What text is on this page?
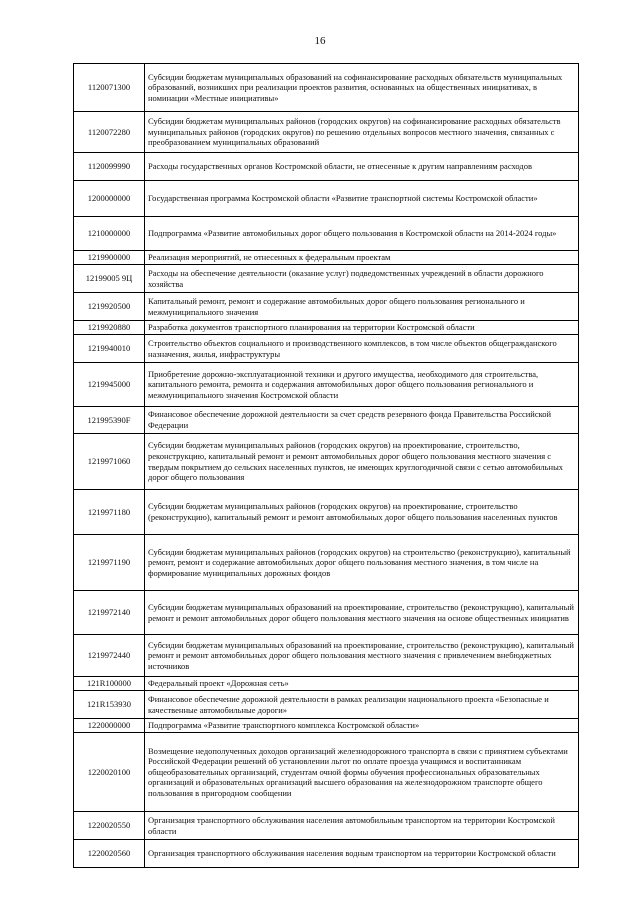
16
1120071300	Субсидии бюджетам муниципальных образований на софинансирование расходных обязательств муниципальных образований, возникших при реализации проектов развития, основанных на общественных инициативах, в номинации «Местные инициативы»
1120072280	Субсидии бюджетам муниципальных районов (городских округов) на софинансирование расходных обязательств муниципальных районов (городских округов) по решению отдельных вопросов местного значения, связанных с преобразованием муниципальных образований
1120099990	Расходы государственных органов Костромской области, не отнесенные к другим направлениям расходов
1200000000	Государственная программа Костромской области «Развитие транспортной системы Костромской области»
1210000000	Подпрограмма «Развитие автомобильных дорог общего пользования в Костромской области на 2014-2024 годы»
1219900000	Реализация мероприятий, не отнесенных к федеральным проектам
12199005 9Ц	Расходы на обеспечение деятельности (оказание услуг) подведомственных учреждений в области дорожного хозяйства
1219920500	Капитальный ремонт, ремонт и содержание автомобильных дорог общего пользования регионального и межмуниципального значения
1219920880	Разработка документов транспортного планирования на территории Костромской области
1219940010	Строительство объектов социального и производственного комплексов, в том числе объектов общегражданского назначения, жилья, инфраструктуры
1219945000	Приобретение дорожно-эксплуатационной техники и другого имущества, необходимого для строительства, капитального ремонта, ремонта и содержания автомобильных дорог общего пользования регионального и межмуниципального значения Костромской области
121995390F	Финансовое обеспечение дорожной деятельности за счет средств резервного фонда Правительства Российской Федерации
1219971060	Субсидии бюджетам муниципальных районов (городских округов) на проектирование, строительство, реконструкцию, капитальный ремонт и ремонт автомобильных дорог общего пользования местного значения с твердым покрытием до сельских населенных пунктов, не имеющих круглогодичной связи с сетью автомобильных дорог общего пользования
1219971180	Субсидии бюджетам муниципальных районов (городских округов) на проектирование, строительство (реконструкцию), капитальный ремонт и ремонт автомобильных дорог общего пользования населенных пунктов
1219971190	Субсидии бюджетам муниципальных районов (городских округов) на строительство (реконструкцию), капитальный ремонт, ремонт и содержание автомобильных дорог общего пользования местного значения, в том числе на формирование муниципальных дорожных фондов
1219972140	Субсидии бюджетам муниципальных образований на проектирование, строительство (реконструкцию), капитальный ремонт и ремонт автомобильных дорог общего пользования местного значения на основе общественных инициатив
1219972440	Субсидии бюджетам муниципальных образований на проектирование, строительство (реконструкцию), капитальный ремонт и ремонт автомобильных дорог общего пользования местного значения с привлечением внебюджетных источников
121R100000	Федеральный проект «Дорожная сеть»
121R153930	Финансовое обеспечение дорожной деятельности в рамках реализации национального проекта «Безопасные и качественные автомобильные дороги»
1220000000	Подпрограмма «Развитие транспортного комплекса Костромской области»
1220020100	Возмещение недополученных доходов организаций железнодорожного транспорта в связи с принятием субъектами Российской Федерации решений об установлении льгот по оплате проезда учащимся и воспитанникам общеобразовательных организаций, студентам очной формы обучения профессиональных образовательных организаций и образовательных организаций высшего образования на железнодорожном транспорте общего пользования в пригородном сообщении
1220020550	Организация транспортного обслуживания населения автомобильным транспортом на территории Костромской области
1220020560	Организация транспортного обслуживания населения водным транспортом на территории Костромской области
